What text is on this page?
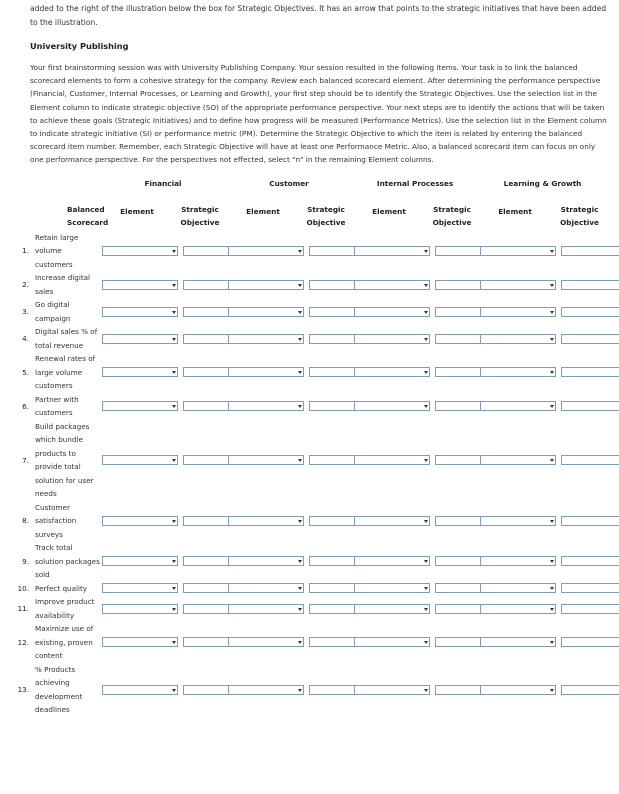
added to the right of the illustration below the box for Strategic Objectives. It has an arrow that points to the strategic initiatives that have been added to the illustration.
University Publishing
Your first brainstorming session was with University Publishing Company. Your session resulted in the following items. Your task is to link the balanced scorecard elements to form a cohesive strategy for the company. Review each balanced scorecard element. After determining the performance perspective (Financial, Customer, Internal Processes, or Learning and Growth), your first step should be to identify the Strategic Objectives. Use the selection list in the Element column to indicate strategic objective (SO) of the appropriate performance perspective. Your next steps are to identify the actions that will be taken to achieve these goals (Strategic Initiatives) and to define how progress will be measured (Performance Metrics). Use the selection list in the Element column to indicate strategic initiative (SI) or performance metric (PM). Determine the Strategic Objective to which the item is related by entering the balanced scorecard item number. Remember, each Strategic Objective will have at least one Performance Metric. Also, a balanced scorecard item can focus on only one performance perspective. For the perspectives not effected, select "n" in the remaining Element columns.
		Financial		Customer		Internal Processes		Learning & Growth	
	Balanced Scorecard	Element	Strategic Objective	Element	Strategic Objective	Element	Strategic Objective	Element	Strategic Objective
1.	Retain large volume customers	

2.	Increase digital sales	

3.	Go digital campaign	

4.	Digital sales % of total revenue	

5.	Renewal rates of large volume customers	

6.	Partner with customers	

7.	Build packages which bundle products to provide total solution for user needs	

8.	Customer satisfaction surveys	

9.	Track total solution packages sold	

10.	Perfect quality	

11.	Improve product availability	

12.	Maximize use of existing, proven content	

13.	% Products achieving development deadlines	
